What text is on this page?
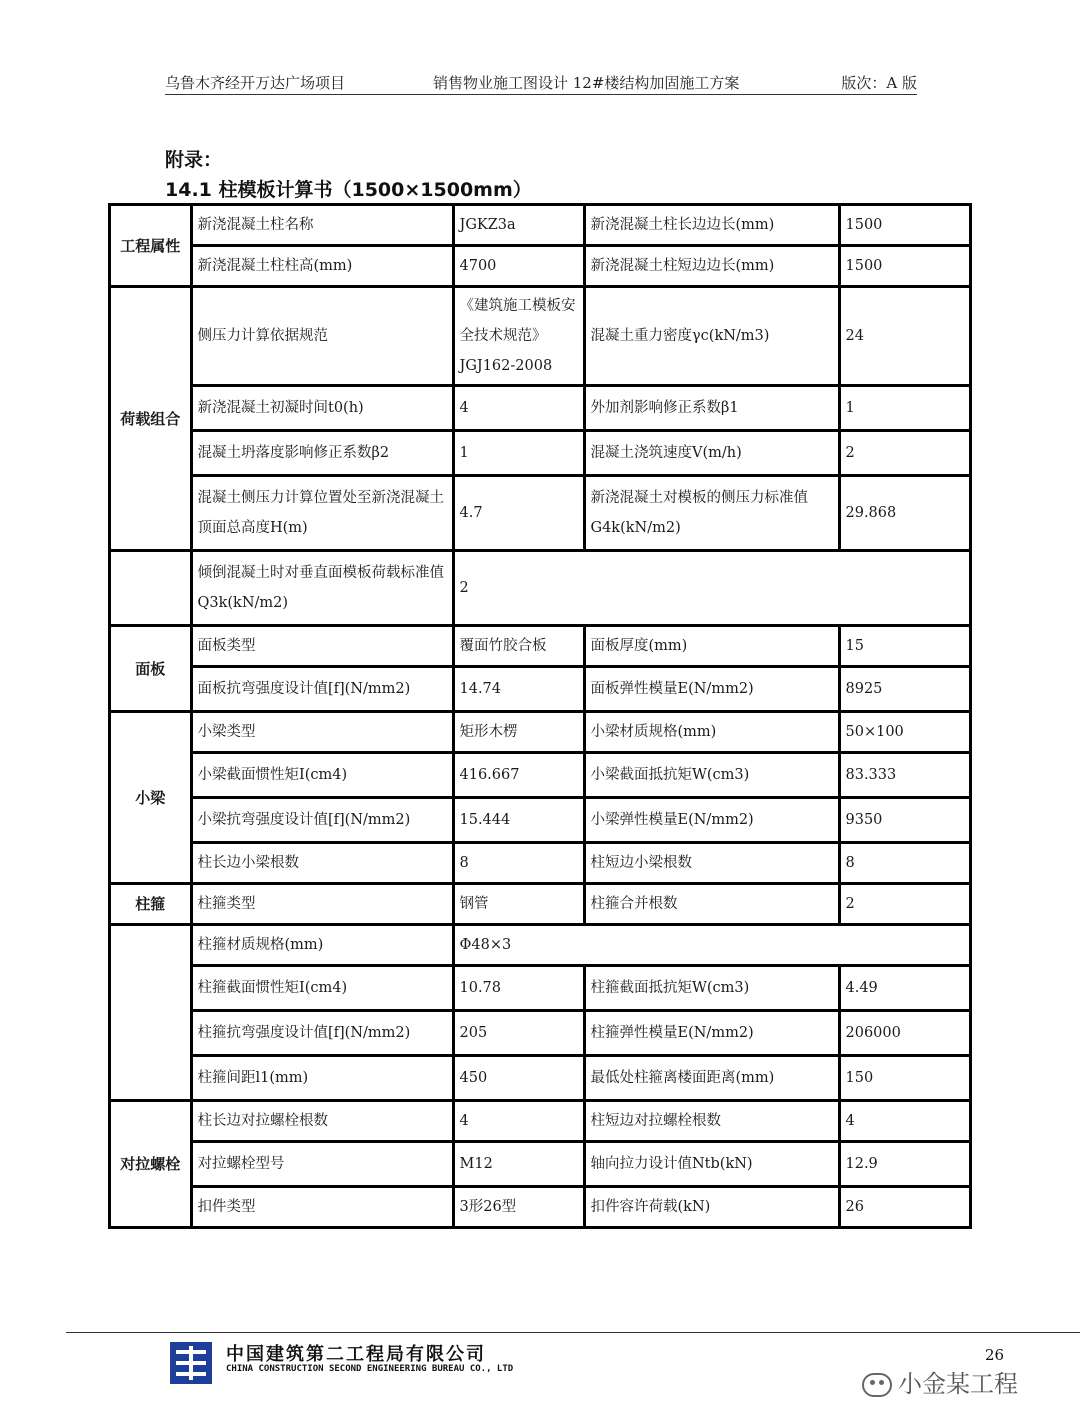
乌鲁木齐经开万达广场项目	销售物业施工图设计 12#楼结构加固施工方案	版次：A 版
附录：
14.1 柱模板计算书（1500×1500mm）
工程属性	新浇混凝土柱名称	JGKZ3a	新浇混凝土柱长边边长(mm)	1500
	新浇混凝土柱柱高(mm)	4700	新浇混凝土柱短边边长(mm)	1500
荷载组合	侧压力计算依据规范	《建筑施工模板安全技术规范》JGJ162-2008	混凝土重力密度γc(kN/m3)	24
	新浇混凝土初凝时间t0(h)	4	外加剂影响修正系数β1	1
	混凝土坍落度影响修正系数β2	1	混凝土浇筑速度V(m/h)	2
	混凝土侧压力计算位置处至新浇混凝土顶面总高度H(m)	4.7	新浇混凝土对模板的侧压力标准值G4k(kN/m2)	29.868
	倾倒混凝土时对垂直面模板荷载标准值Q3k(kN/m2)	2		
面板	面板类型	覆面竹胶合板	面板厚度(mm)	15
	面板抗弯强度设计值[f](N/mm2)	14.74	面板弹性模量E(N/mm2)	8925
小梁	小梁类型	矩形木楞	小梁材质规格(mm)	50×100
	小梁截面惯性矩I(cm4)	416.667	小梁截面抵抗矩W(cm3)	83.333
	小梁抗弯强度设计值[f](N/mm2)	15.444	小梁弹性模量E(N/mm2)	9350
	柱长边小梁根数	8	柱短边小梁根数	8
柱箍	柱箍类型	钢管	柱箍合并根数	2
	柱箍材质规格(mm)	Φ48×3		
	柱箍截面惯性矩I(cm4)	10.78	柱箍截面抵抗矩W(cm3)	4.49
	柱箍抗弯强度设计值[f](N/mm2)	205	柱箍弹性模量E(N/mm2)	206000
	柱箍间距l1(mm)	450	最低处柱箍离楼面距离(mm)	150
对拉螺栓	柱长边对拉螺栓根数	4	柱短边对拉螺栓根数	4
	对拉螺栓型号	M12	轴向拉力设计值Ntb(kN)	12.9
	扣件类型	3形26型	扣件容许荷载(kN)	26
中国建筑第二工程局有限公司
CHINA CONSTRUCTION SECOND ENGINEERING BUREAU CO., LTD
26
小金某工程
